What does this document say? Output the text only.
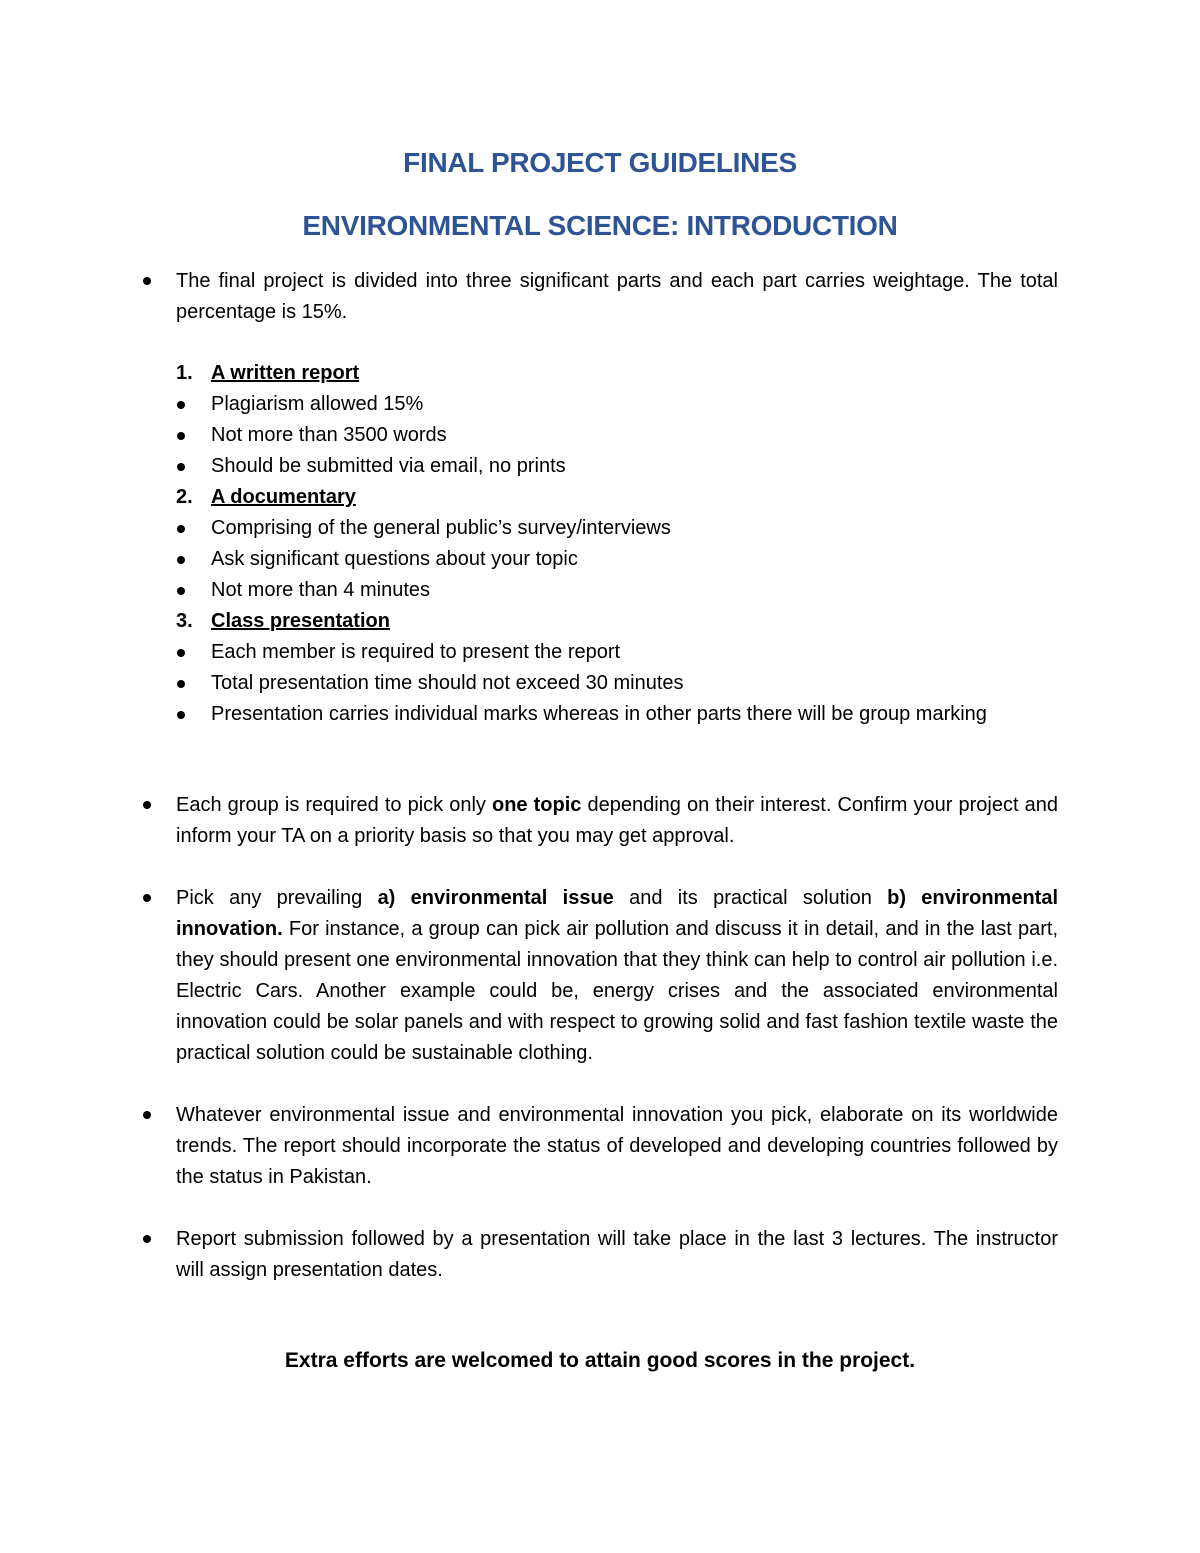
FINAL PROJECT GUIDELINES
ENVIRONMENTAL SCIENCE: INTRODUCTION
The final project is divided into three significant parts and each part carries weightage. The total percentage is 15%.
1. A written report
Plagiarism allowed 15%
Not more than 3500 words
Should be submitted via email, no prints
2. A documentary
Comprising of the general public’s survey/interviews
Ask significant questions about your topic
Not more than 4 minutes
3. Class presentation
Each member is required to present the report
Total presentation time should not exceed 30 minutes
Presentation carries individual marks whereas in other parts there will be group marking
Each group is required to pick only one topic depending on their interest. Confirm your project and inform your TA on a priority basis so that you may get approval.
Pick any prevailing a) environmental issue and its practical solution b) environmental innovation. For instance, a group can pick air pollution and discuss it in detail, and in the last part, they should present one environmental innovation that they think can help to control air pollution i.e. Electric Cars. Another example could be, energy crises and the associated environmental innovation could be solar panels and with respect to growing solid and fast fashion textile waste the practical solution could be sustainable clothing.
Whatever environmental issue and environmental innovation you pick, elaborate on its worldwide trends. The report should incorporate the status of developed and developing countries followed by the status in Pakistan.
Report submission followed by a presentation will take place in the last 3 lectures. The instructor will assign presentation dates.
Extra efforts are welcomed to attain good scores in the project.
